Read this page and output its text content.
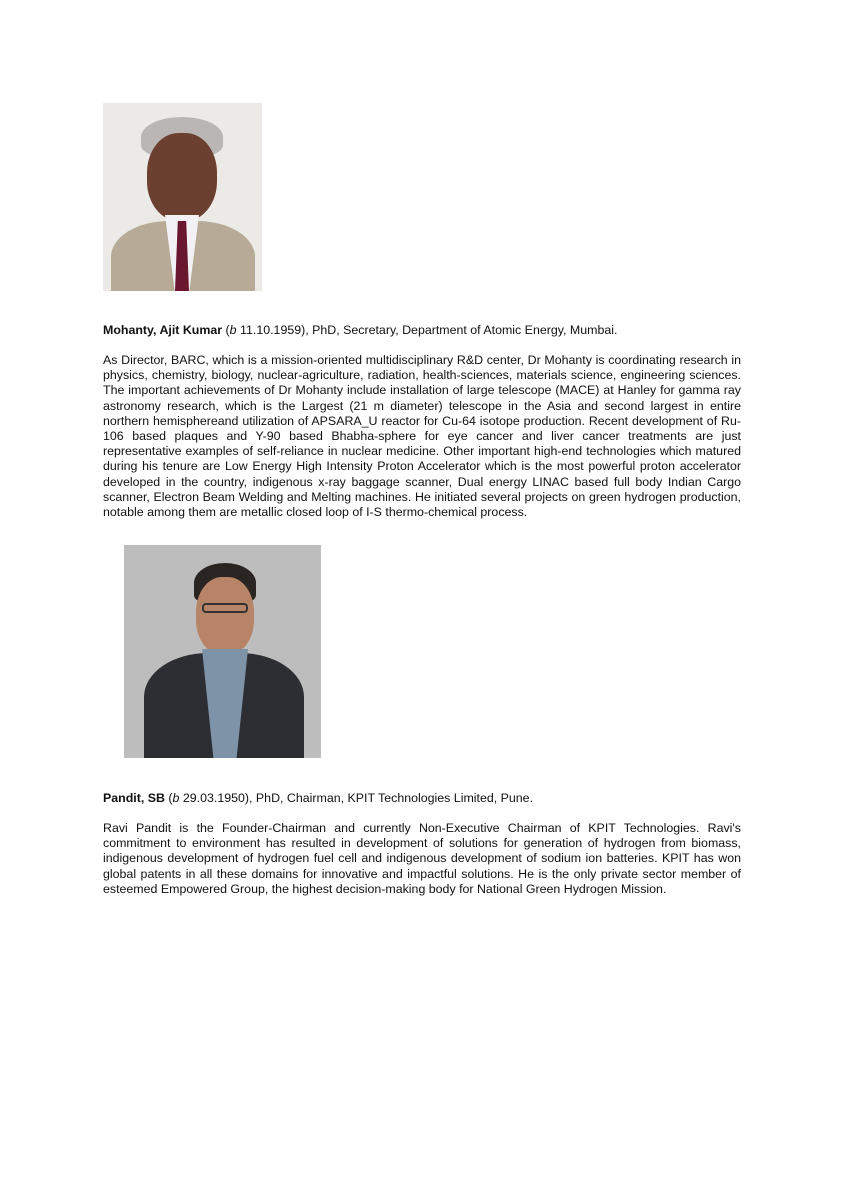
Mohanty, Ajit Kumar (b 11.10.1959), PhD, Secretary, Department of Atomic Energy, Mumbai.
As Director, BARC, which is a mission-oriented multidisciplinary R&D center, Dr Mohanty is coordinating research in physics, chemistry, biology, nuclear-agriculture, radiation, health-sciences, materials science, engineering sciences. The important achievements of Dr Mohanty include installation of large telescope (MACE) at Hanley for gamma ray astronomy research, which is the Largest (21 m diameter) telescope in the Asia and second largest in entire northern hemisphereand utilization of APSARA_U reactor for Cu-64 isotope production. Recent development of Ru-106 based plaques and Y-90 based Bhabha-sphere for eye cancer and liver cancer treatments are just representative examples of self-reliance in nuclear medicine. Other important high-end technologies which matured during his tenure are Low Energy High Intensity Proton Accelerator which is the most powerful proton accelerator developed in the country, indigenous x-ray baggage scanner, Dual energy LINAC based full body Indian Cargo scanner, Electron Beam Welding and Melting machines. He initiated several projects on green hydrogen production, notable among them are metallic closed loop of I-S thermo-chemical process.
Pandit, SB (b 29.03.1950), PhD, Chairman, KPIT Technologies Limited, Pune.
Ravi Pandit is the Founder-Chairman and currently Non-Executive Chairman of KPIT Technologies. Ravi's commitment to environment has resulted in development of solutions for generation of hydrogen from biomass, indigenous development of hydrogen fuel cell and indigenous development of sodium ion batteries. KPIT has won global patents in all these domains for innovative and impactful solutions. He is the only private sector member of esteemed Empowered Group, the highest decision-making body for National Green Hydrogen Mission.
